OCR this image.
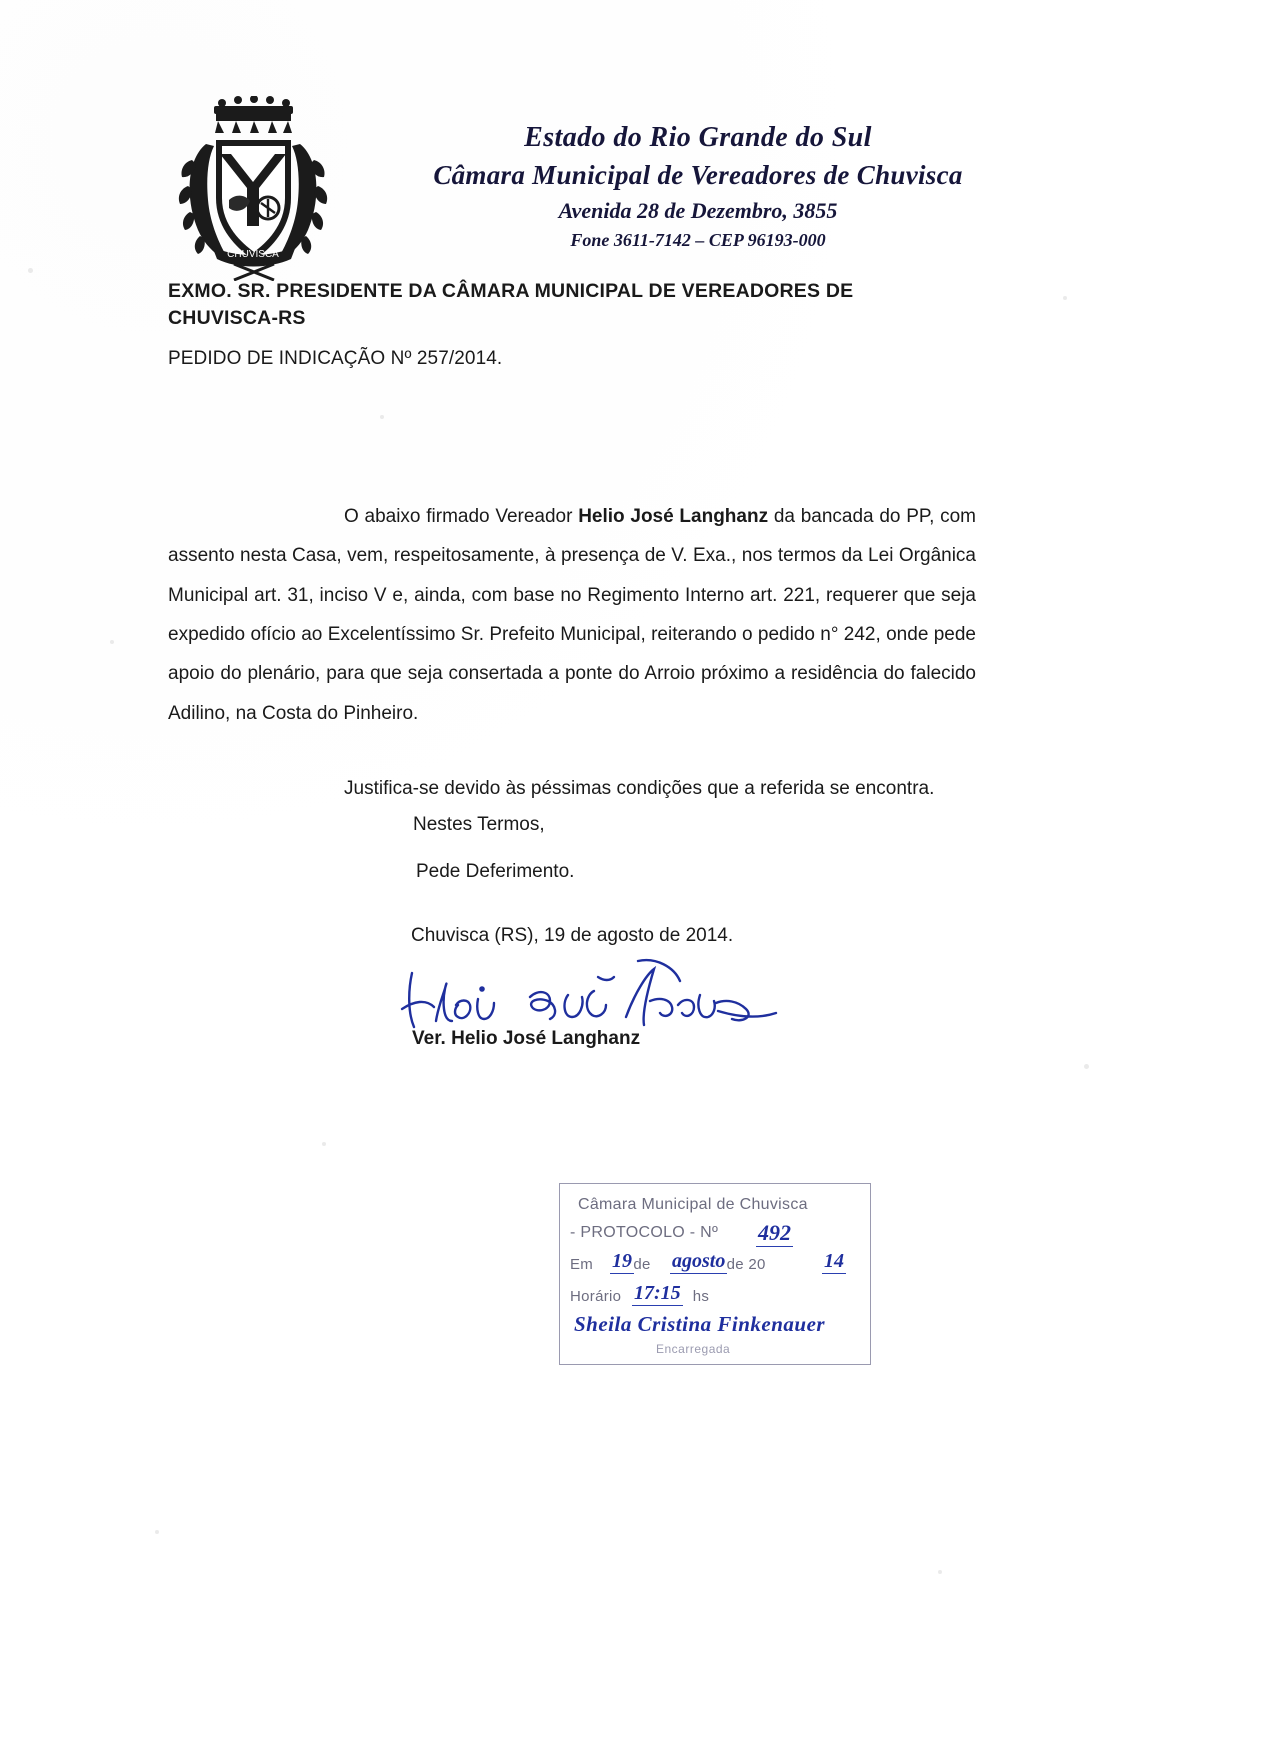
CHUVISCA
Estado do Rio Grande do Sul
Câmara Municipal de Vereadores de Chuvisca
Avenida 28 de Dezembro, 3855
Fone 3611-7142 – CEP 96193-000
EXMO. SR. PRESIDENTE DA CÂMARA MUNICIPAL DE VEREADORES DE
CHUVISCA-RS
PEDIDO DE INDICAÇÃO Nº 257/2014.

O abaixo firmado Vereador Helio José Langhanz da bancada do PP, com assento nesta Casa, vem, respeitosamente, à presença de V. Exa., nos termos da Lei Orgânica Municipal art. 31, inciso V e, ainda, com base no Regimento Interno art. 221, requerer que seja expedido ofício ao Excelentíssimo Sr. Prefeito Municipal, reiterando o pedido n° 242, onde pede apoio do plenário, para que seja consertada a ponte do Arroio próximo a residência do falecido Adilino, na Costa do Pinheiro.

Justifica-se devido às péssimas condições que a referida se encontra.

Nestes Termos,
Pede Deferimento.
Chuvisca (RS), 19 de agosto de 2014.
Ver. Helio José Langhanz
Câmara Municipal de Chuvisca
- PROTOCOLO - Nº 492
Em	de	de 20
19 agosto	14
Horário	hs
17:15
Sheila Cristina Finkenauer
Encarregada
